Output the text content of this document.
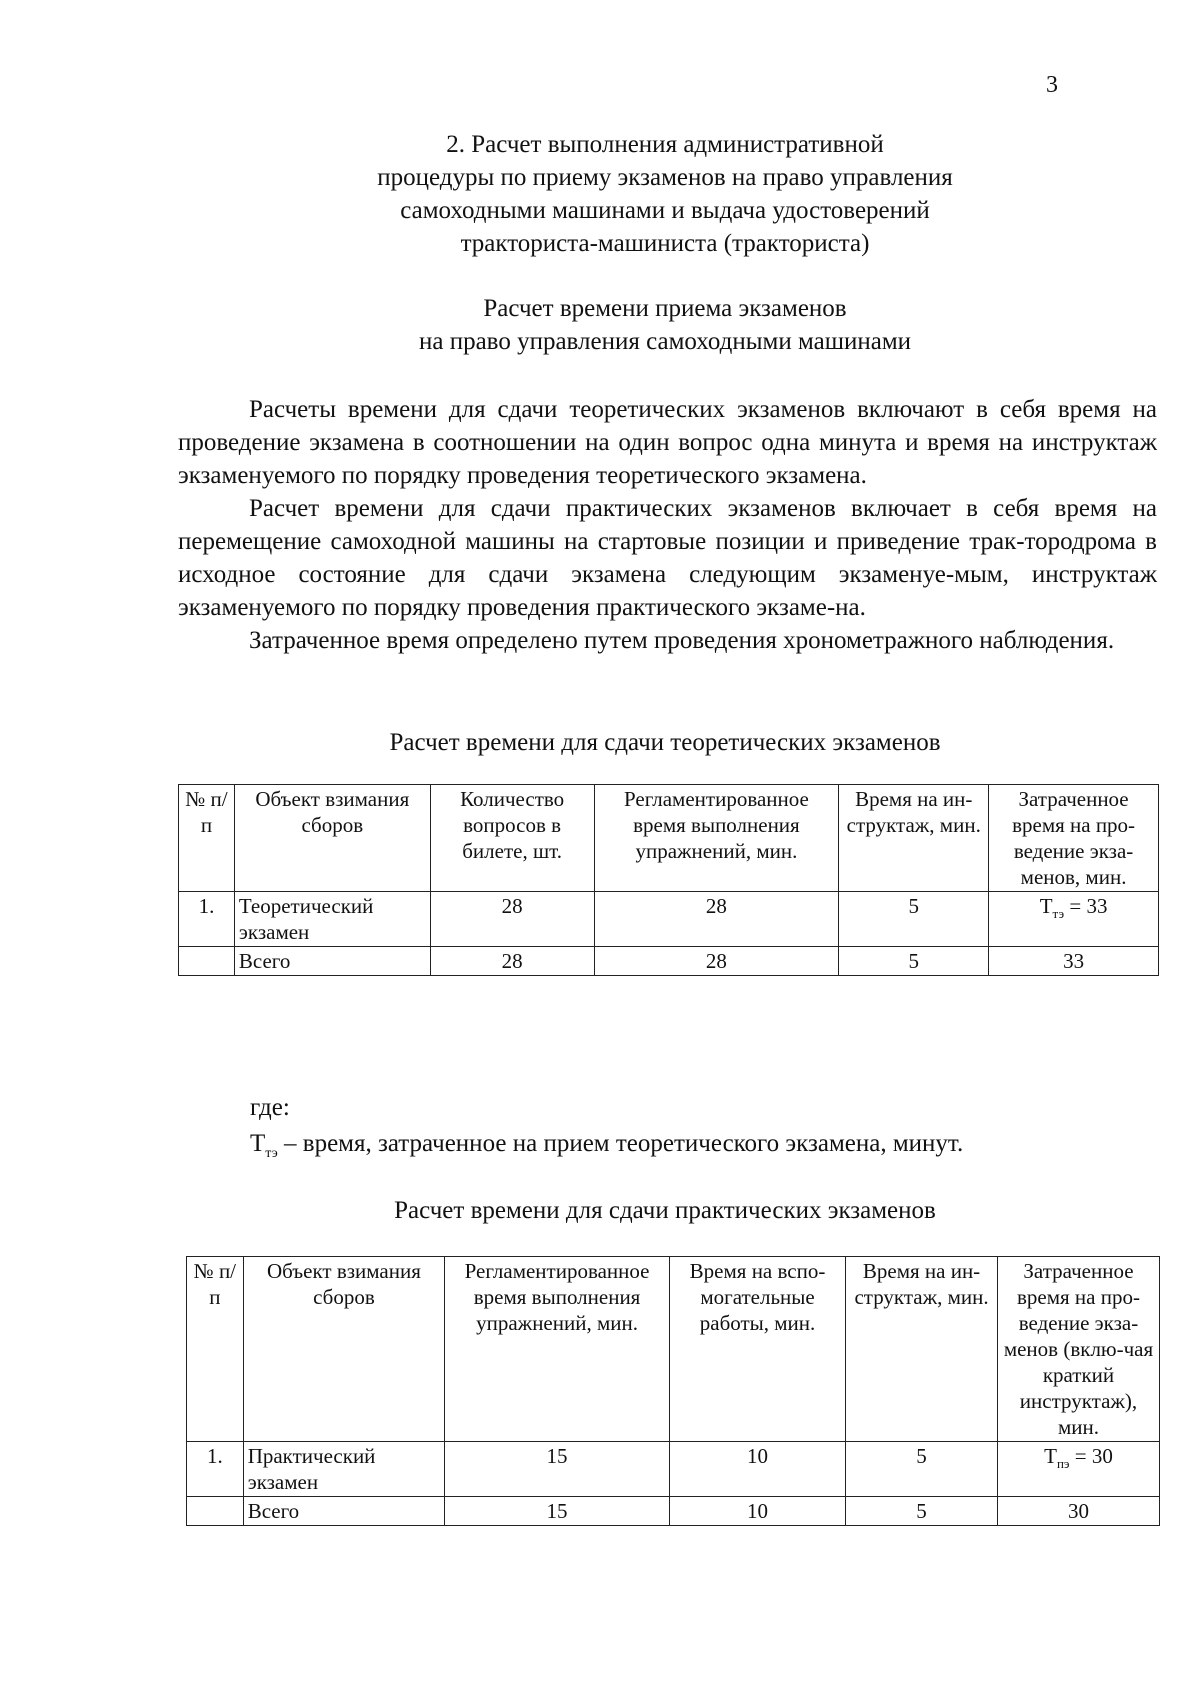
3
2. Расчет выполнения административной
процедуры по приему экзаменов на право управления
самоходными машинами и выдача удостоверений
тракториста-машиниста (тракториста)
Расчет времени приема экзаменов
на право управления самоходными машинами

Расчеты времени для сдачи теоретических экзаменов включают в себя время на проведение экзамена в соотношении на один вопрос одна минута и время на инструктаж экзаменуемого по порядку проведения теоретического экзамена.

Расчет времени для сдачи практических экзаменов включает в себя время на перемещение самоходной машины на стартовые позиции и приведение трак-тородрома в исходное состояние для сдачи экзамена следующим экзаменуе-мым, инструктаж экзаменуемого по порядку проведения практического экзаме-на.

Затраченное время определено путем проведения хронометражного наблюдения.

Расчет времени для сдачи теоретических экзаменов
№ п/п	Объект взимания сборов	Количество вопросов в билете, шт.	Регламентированное время выполнения упражнений, мин.	Время на ин-структаж, мин.	Затраченное время на про-ведение экза-менов, мин.
1.	Теоретический экзамен	28	28	5	$Т_{тэ} = 33$
	Всего	28	28	5	33
где:
$Т_{тэ}$ – время, затраченное на прием теоретического экзамена, минут.
Расчет времени для сдачи практических экзаменов
№ п/п	Объект взимания сборов	Регламентированное время выполнения упражнений, мин.	Время на вспо-могательные работы, мин.	Время на ин-структаж, мин.	Затраченное время на про-ведение экза-менов (вклю-чая краткий инструктаж), мин.
1.	Практический экзамен	15	10	5	$Т_{пэ} = 30$
	Всего	15	10	5	30
